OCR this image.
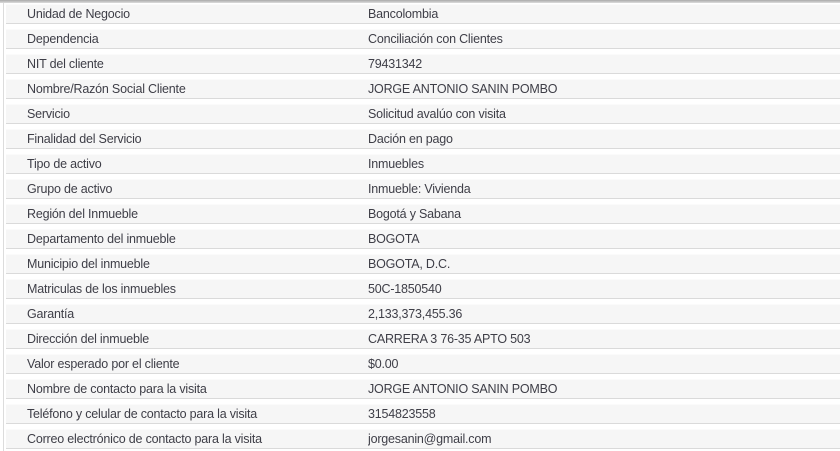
Unidad de Negocio	Bancolombia
Dependencia	Conciliación con Clientes
NIT del cliente	79431342
Nombre/Razón Social Cliente	JORGE ANTONIO SANIN POMBO
Servicio	Solicitud avalúo con visita
Finalidad del Servicio	Dación en pago
Tipo de activo	Inmuebles
Grupo de activo	Inmueble: Vivienda
Región del Inmueble	Bogotá y Sabana
Departamento del inmueble	BOGOTA
Municipio del inmueble	BOGOTA, D.C.
Matriculas de los inmuebles	50C-1850540
Garantía	2,133,373,455.36
Dirección del inmueble	CARRERA 3 76-35 APTO 503
Valor esperado por el cliente	$0.00
Nombre de contacto para la visita	JORGE ANTONIO SANIN POMBO
Teléfono y celular de contacto para la visita	3154823558
Correo electrónico de contacto para la visita	jorgesanin@gmail.com
